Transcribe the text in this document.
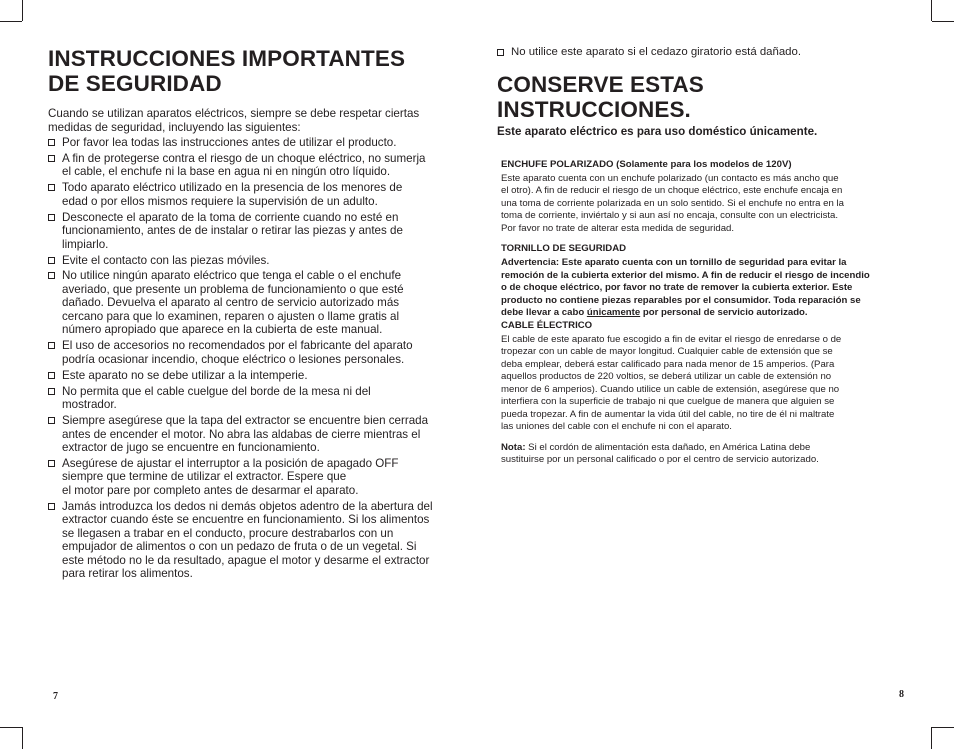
INSTRUCCIONES IMPORTANTES
DE SEGURIDAD

Cuando se utilizan aparatos eléctricos, siempre se debe respetar ciertas
medidas de seguridad, incluyendo las siguientes:

Por favor lea todas las instrucciones antes de utilizar el producto.
A fin de protegerse contra el riesgo de un choque eléctrico, no sumerja
el cable, el enchufe ni la base en agua ni en ningún otro líquido.
Todo aparato eléctrico utilizado en la presencia de los menores de
edad o por ellos mismos requiere la supervisión de un adulto.
Desconecte el aparato de la toma de corriente cuando no esté en
funcionamiento, antes de de instalar o retirar las piezas y antes de
limpiarlo.
Evite el contacto con las piezas móviles.
No utilice ningún aparato eléctrico que tenga el cable o el enchufe
averiado, que presente un problema de funcionamiento o que esté
dañado. Devuelva el aparato al centro de servicio autorizado más
cercano para que lo examinen, reparen o ajusten o llame gratis al
número apropiado que aparece en la cubierta de este manual.
El uso de accesorios no recomendados por el fabricante del aparato
podría ocasionar incendio, choque eléctrico o lesiones personales.
Este aparato no se debe utilizar a la intemperie.
No permita que el cable cuelgue del borde de la mesa ni del
mostrador.
Siempre asegúrese que la tapa del extractor se encuentre bien cerrada
antes de encender el motor. No abra las aldabas de cierre mientras el
extractor de jugo se encuentre en funcionamiento.
Asegúrese de ajustar el interruptor a la posición de apagado OFF
siempre que termine de utilizar el extractor. Espere que
el motor pare por completo antes de desarmar el aparato.
Jamás introduzca los dedos ni demás objetos adentro de la abertura del
extractor cuando éste se encuentre en funcionamiento. Si los alimentos
se llegasen a trabar en el conducto, procure destrabarlos con un
empujador de alimentos o con un pedazo de fruta o de un vegetal. Si
este método no le da resultado, apague el motor y desarme el extractor
para retirar los alimentos.
7

No utilice este aparato si el cedazo giratorio está dañado.

CONSERVE ESTAS
INSTRUCCIONES.

Este aparato eléctrico es para uso doméstico únicamente.

ENCHUFE POLARIZADO (Solamente para los modelos de 120V)

Este aparato cuenta con un enchufe polarizado (un contacto es más ancho que
el otro). A fin de reducir el riesgo de un choque eléctrico, este enchufe encaja en
una toma de corriente polarizada en un solo sentido. Si el enchufe no entra en la
toma de corriente, inviértalo y si aun así no encaja, consulte con un electricista.
Por favor no trate de alterar esta medida de seguridad.

TORNILLO DE SEGURIDAD

Advertencia: Este aparato cuenta con un tornillo de seguridad para evitar la
remoción de la cubierta exterior del mismo. A fin de reducir el riesgo de incendio
o de choque eléctrico, por favor no trate de remover la cubierta exterior. Este
producto no contiene piezas reparables por el consumidor. Toda reparación se
debe llevar a cabo únicamente por personal de servicio autorizado.

CABLE ÉLECTRICO

El cable de este aparato fue escogido a fin de evitar el riesgo de enredarse o de
tropezar con un cable de mayor longitud. Cualquier cable de extensión que se
deba emplear, deberá estar calificado para nada menor de 15 amperios. (Para
aquellos productos de 220 voltios, se deberá utilizar un cable de extensión no
menor de 6 amperios). Cuando utilice un cable de extensión, asegúrese que no
interfiera con la superficie de trabajo ni que cuelgue de manera que alguien se
pueda tropezar. A fin de aumentar la vida útil del cable, no tire de él ni maltrate
las uniones del cable con el enchufe ni con el aparato.

Nota: Si el cordón de alimentación esta dañado, en América Latina debe
sustituirse por un personal calificado o por el centro de servicio autorizado.

8
